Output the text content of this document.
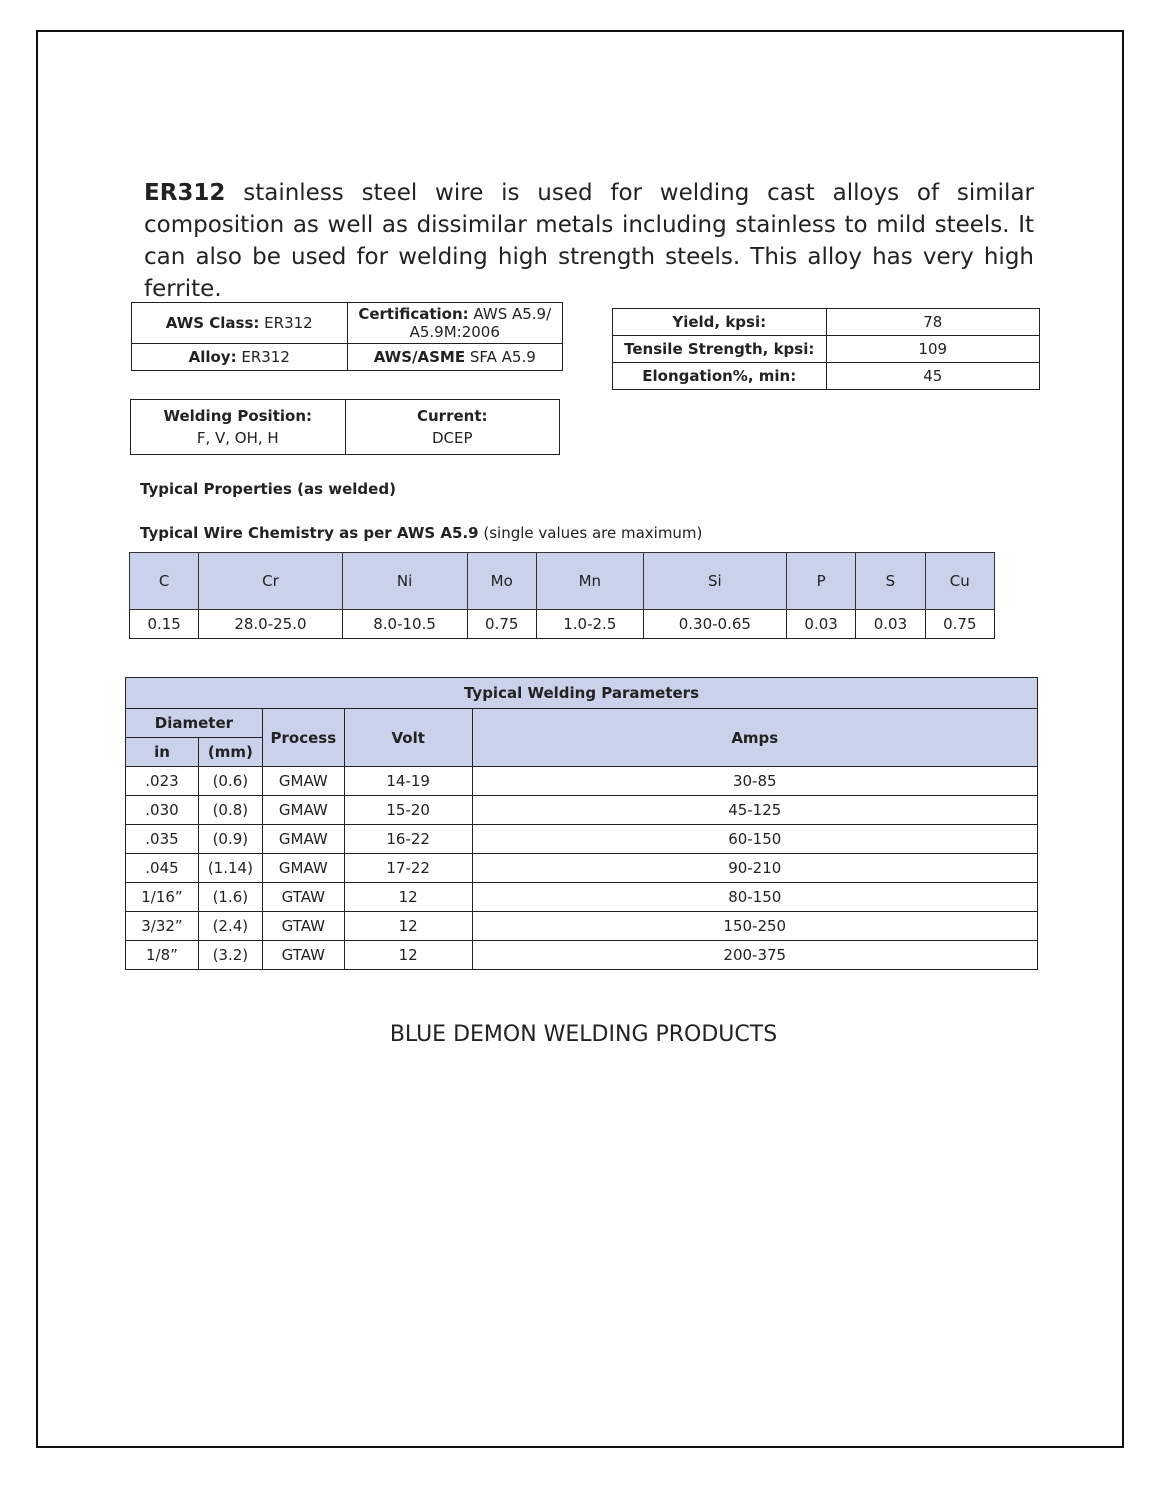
ER312 stainless steel wire is used for welding cast alloys of similar composition as well as dissimilar metals including stainless to mild steels. It can also be used for welding high strength steels. This alloy has very high ferrite.

AWS Class: ER312	Certification: AWS A5.9/ A5.9M:2006
Alloy: ER312	AWS/ASME SFA A5.9
Welding Position:
F, V, OH, H

Current:
DCEP
Yield, kpsi:	78
Tensile Strength, kpsi:	109
Elongation%, min:	45
Typical Properties (as welded)
Typical Wire Chemistry as per AWS A5.9 (single values are maximum)
C	Cr	Ni	Mo	Mn	Si	P	S	Cu
0.15	28.0-25.0	8.0-10.5	0.75	1.0-2.5	0.30-0.65	0.03	0.03	0.75
Typical Welding Parameters				
Diameter		Process	Volt	Amps
in	(mm)			
.023	(0.6)	GMAW	14-19	30-85
.030	(0.8)	GMAW	15-20	45-125
.035	(0.9)	GMAW	16-22	60-150
.045	(1.14)	GMAW	17-22	90-210
1/16”	(1.6)	GTAW	12	80-150
3/32”	(2.4)	GTAW	12	150-250
1/8”	(3.2)	GTAW	12	200-375
BLUE DEMON WELDING PRODUCTS
